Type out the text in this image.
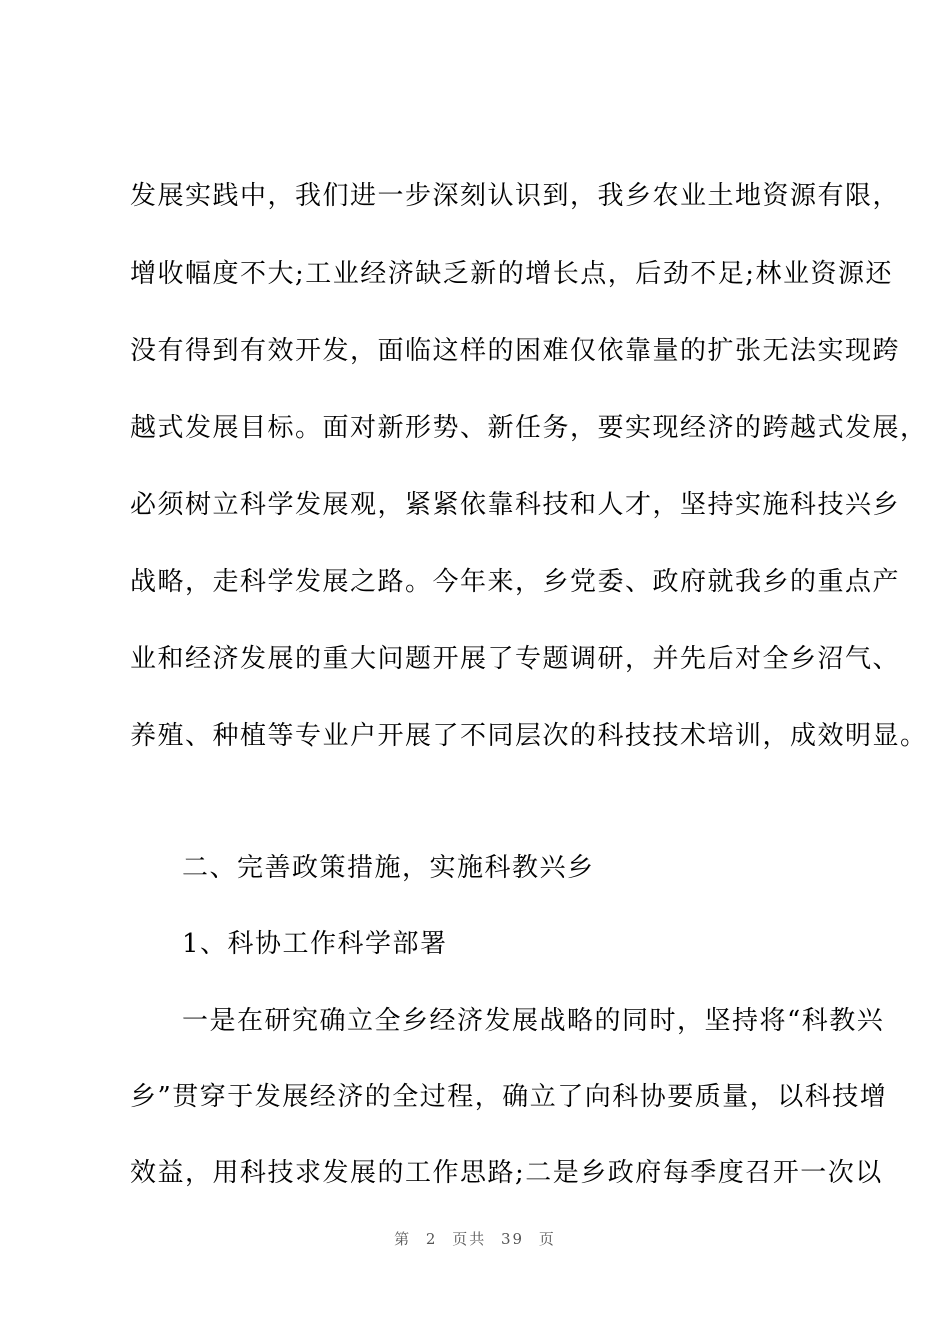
发展实践中，我们进一步深刻认识到，我乡农业土地资源有限，
增收幅度不大;工业经济缺乏新的增长点，后劲不足;林业资源还
没有得到有效开发，面临这样的困难仅依靠量的扩张无法实现跨
越式发展目标。面对新形势、新任务，要实现经济的跨越式发展，
必须树立科学发展观，紧紧依靠科技和人才，坚持实施科技兴乡
战略，走科学发展之路。今年来，乡党委、政府就我乡的重点产
业和经济发展的重大问题开展了专题调研，并先后对全乡沼气、
养殖、种植等专业户开展了不同层次的科技技术培训，成效明显。
二、完善政策措施，实施科教兴乡
1、科协工作科学部署
一是在研究确立全乡经济发展战略的同时，坚持将“科教兴
乡”贯穿于发展经济的全过程，确立了向科协要质量，以科技增
效益，用科技求发展的工作思路;二是乡政府每季度召开一次以
第 2 页共 39 页
